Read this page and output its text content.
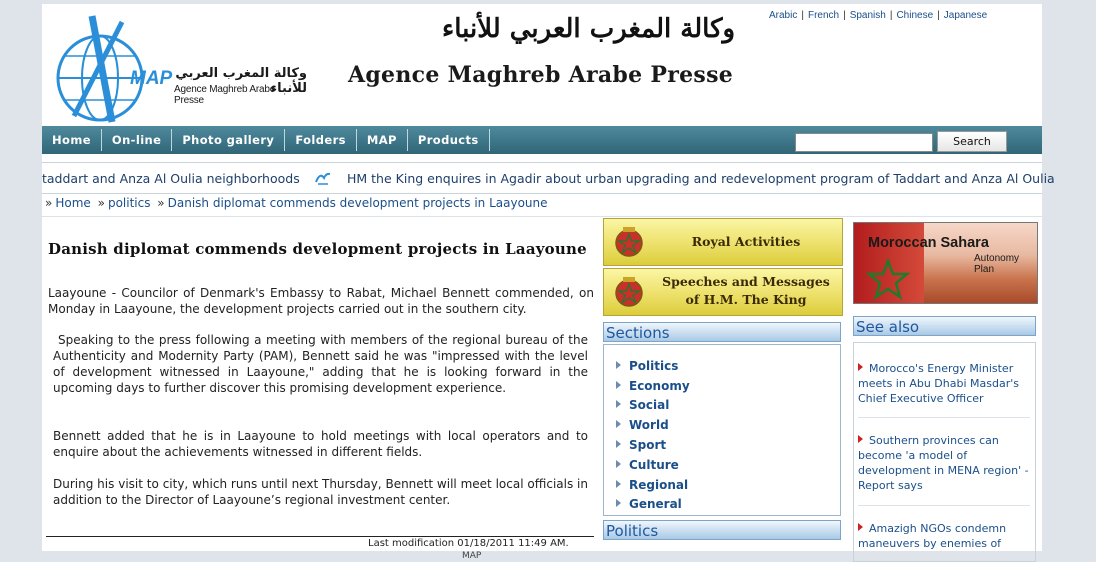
MAP وكالة المغرب العربي للأنباء
Agence Maghreb Arabe Presse
وكالة المغرب العربي للأنباء
Agence Maghreb Arabe Presse
Arabic | French | Spanish | Chinese | Japanese
Home	On-line	Photo gallery	Folders	MAP	Products	Search
taddart and Anza Al Oulia neighborhoods	HM the King enquires in Agadir about urban upgrading and redevelopment program of Taddart and Anza Al Oulia
» Home » politics » Danish diplomat commends development projects in Laayoune
Danish diplomat commends development projects in Laayoune
Laayoune - Councilor of Denmark's Embassy to Rabat, Michael Bennett commended, on Monday in Laayoune, the development projects carried out in the southern city.
Speaking to the press following a meeting with members of the regional bureau of the Authenticity and Modernity Party (PAM), Bennett said he was "impressed with the level of development witnessed in Laayoune," adding that he is looking forward in the upcoming days to further discover this promising development experience.
Bennett added that he is in Laayoune to hold meetings with local operators and to enquire about the achievements witnessed in different fields.
During his visit to city, which runs until next Thursday, Bennett will meet local officials in addition to the Director of Laayoune’s regional investment center.
Last modification 01/18/2011 11:49 AM.
MAP
Royal Activities
Speeches and Messages
of H.M. The King
Sections
Politics
Economy
Social
World
Sport
Culture
Regional
General
Politics
Moroccan Sahara
Autonomy Plan
See also
Morocco's Energy Minister meets in Abu Dhabi Masdar's Chief Executive Officer
Southern provinces can become 'a model of development in MENA region' -Report says
Amazigh NGOs condemn maneuvers by enemies of
